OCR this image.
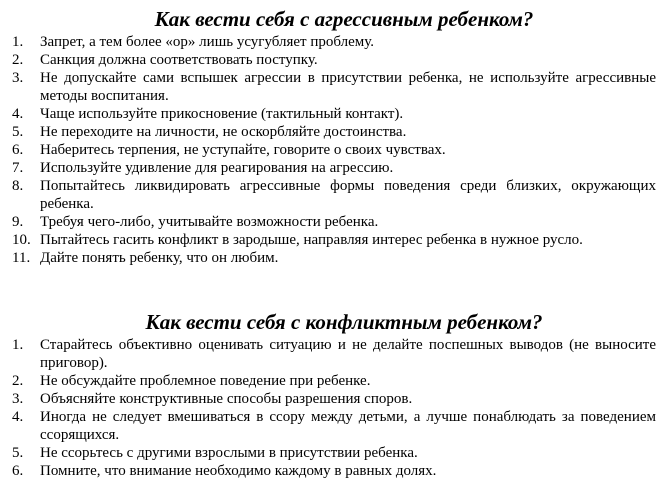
Как вести себя с агрессивным ребенком?
1.	Запрет, а тем более «ор» лишь усугубляет проблему.
2.	Санкция должна соответствовать поступку.
3.	Не допускайте сами вспышек агрессии в присутствии ребенка, не используйте агрессивные методы воспитания.
4.	Чаще используйте прикосновение (тактильный контакт).
5.	Не переходите на личности, не оскорбляйте достоинства.
6.	Наберитесь терпения, не уступайте, говорите о своих чувствах.
7.	Используйте удивление для реагирования на агрессию.
8.	Попытайтесь ликвидировать агрессивные формы поведения среди близких, окружающих ребенка.
9.	Требуя чего-либо, учитывайте возможности ребенка.
10. Пытайтесь гасить конфликт в зародыше, направляя интерес ребенка в нужное русло.
11. Дайте понять ребенку, что он любим.
Как вести себя с конфликтным ребенком?
1.	Старайтесь объективно оценивать ситуацию и не делайте поспешных выводов (не выносите приговор).
2.	Не обсуждайте проблемное поведение при ребенке.
3.	Объясняйте конструктивные способы разрешения споров.
4.	Иногда не следует вмешиваться в ссору между детьми, а лучше понаблюдать за поведением ссорящихся.
5.	Не ссорьтесь с другими взрослыми в присутствии ребенка.
6.	Помните, что внимание необходимо каждому в равных долях.
